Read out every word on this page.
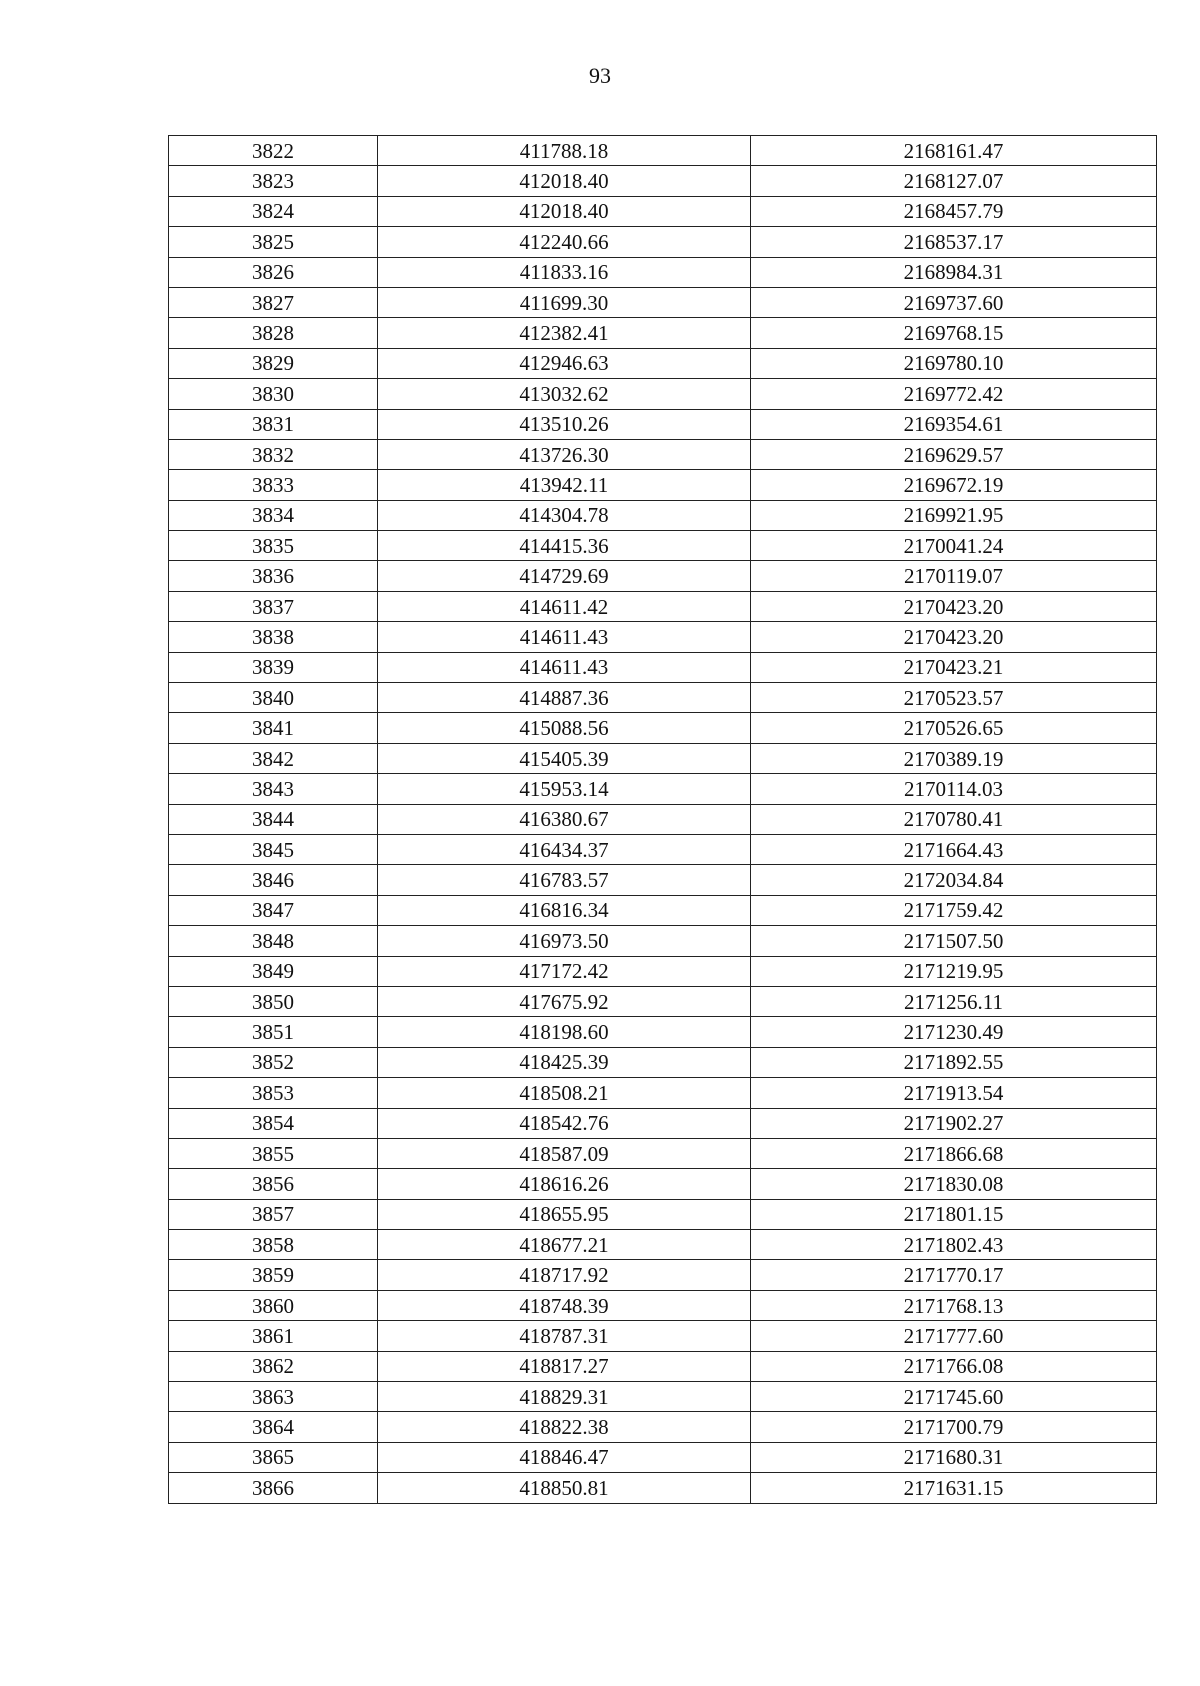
93
3822	411788.18	2168161.47
3823	412018.40	2168127.07
3824	412018.40	2168457.79
3825	412240.66	2168537.17
3826	411833.16	2168984.31
3827	411699.30	2169737.60
3828	412382.41	2169768.15
3829	412946.63	2169780.10
3830	413032.62	2169772.42
3831	413510.26	2169354.61
3832	413726.30	2169629.57
3833	413942.11	2169672.19
3834	414304.78	2169921.95
3835	414415.36	2170041.24
3836	414729.69	2170119.07
3837	414611.42	2170423.20
3838	414611.43	2170423.20
3839	414611.43	2170423.21
3840	414887.36	2170523.57
3841	415088.56	2170526.65
3842	415405.39	2170389.19
3843	415953.14	2170114.03
3844	416380.67	2170780.41
3845	416434.37	2171664.43
3846	416783.57	2172034.84
3847	416816.34	2171759.42
3848	416973.50	2171507.50
3849	417172.42	2171219.95
3850	417675.92	2171256.11
3851	418198.60	2171230.49
3852	418425.39	2171892.55
3853	418508.21	2171913.54
3854	418542.76	2171902.27
3855	418587.09	2171866.68
3856	418616.26	2171830.08
3857	418655.95	2171801.15
3858	418677.21	2171802.43
3859	418717.92	2171770.17
3860	418748.39	2171768.13
3861	418787.31	2171777.60
3862	418817.27	2171766.08
3863	418829.31	2171745.60
3864	418822.38	2171700.79
3865	418846.47	2171680.31
3866	418850.81	2171631.15
